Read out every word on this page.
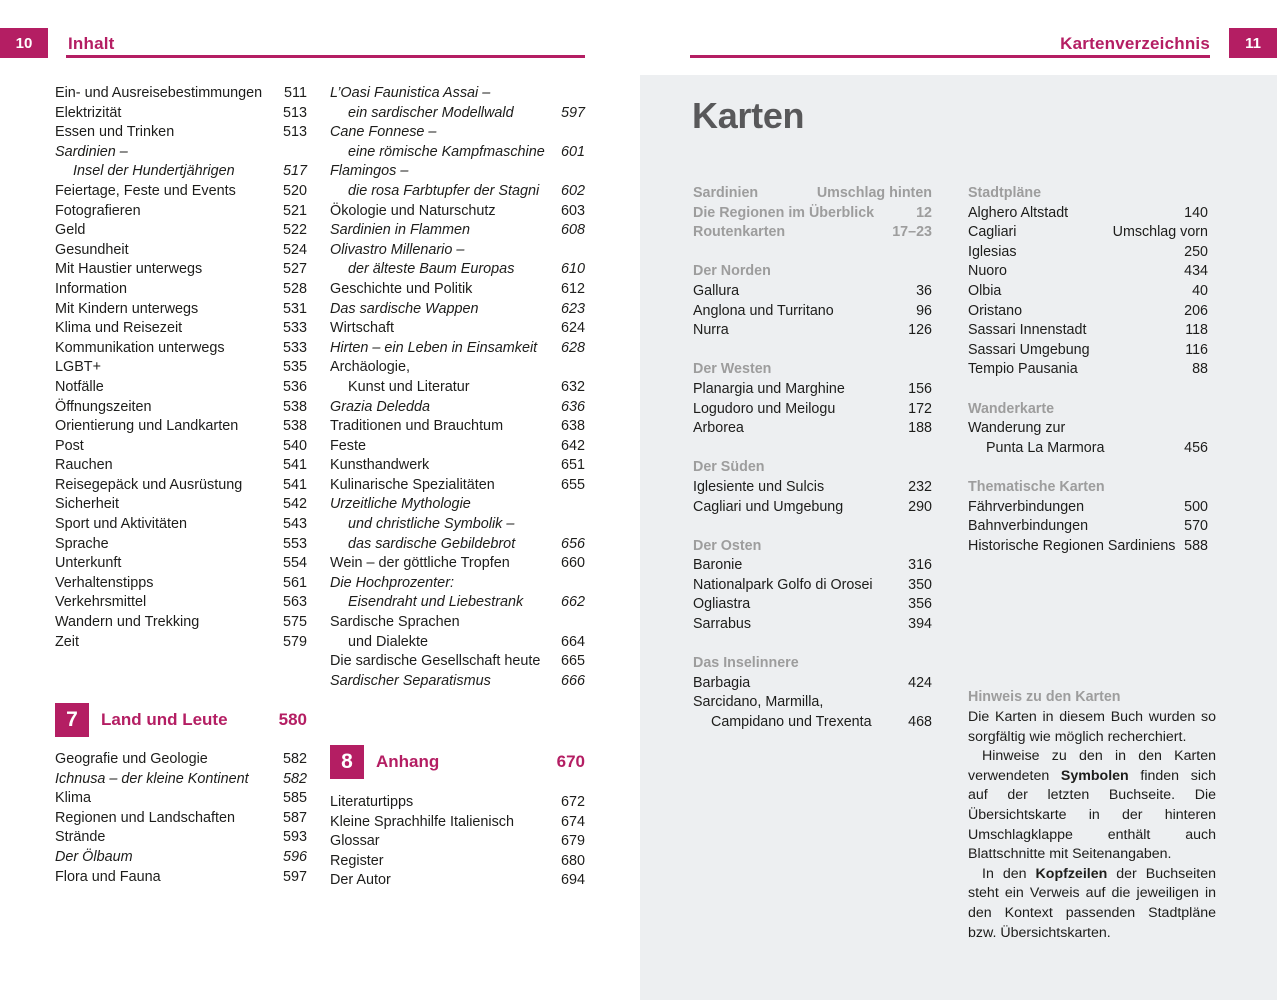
10	Inhalt	Kartenverzeichnis	11
Ein- und Ausreisebestimmungen 511
Elektrizität	513
Essen und Trinken	513
Sardinien –
Insel der Hundertjährigen	517
Feiertage, Feste und Events	520
Fotografieren	521
Geld	522
Gesundheit	524
Mit Haustier unterwegs	527
Information	528
Mit Kindern unterwegs	531
Klima und Reisezeit	533
Kommunikation unterwegs	533
LGBT+	535
Notfälle	536
Öffnungszeiten	538
Orientierung und Landkarten	538
Post	540
Rauchen	541
Reisegepäck und Ausrüstung	541
Sicherheit	542
Sport und Aktivitäten	543
Sprache	553
Unterkunft	554
Verhaltenstipps	561
Verkehrsmittel	563
Wandern und Trekking	575
Zeit	579
7	Land und Leute	580
Geografie und Geologie	582
Ichnusa – der kleine Kontinent 582
Klima	585
Regionen und Landschaften	587
Strände	593
Der Ölbaum	596
Flora und Fauna	597
L’Oasi Faunistica Assai –
ein sardischer Modellwald	597
Cane Fonnese –
eine römische Kampfmaschine 601
Flamingos –
die rosa Farbtupfer der Stagni 602
Ökologie und Naturschutz	603
Sardinien in Flammen	608
Olivastro Millenario –
der älteste Baum Europas	610
Geschichte und Politik	612
Das sardische Wappen	623
Wirtschaft	624
Hirten – ein Leben in Einsamkeit 628
Archäologie,
Kunst und Literatur	632
Grazia Deledda	636
Traditionen und Brauchtum	638
Feste	642
Kunsthandwerk	651
Kulinarische Spezialitäten	655
Urzeitliche Mythologie
und christliche Symbolik –
das sardische Gebildebrot	656
Wein – der göttliche Tropfen	660
Die Hochprozenter:
Eisendraht und Liebestrank	662
Sardische Sprachen
und Dialekte	664
Die sardische Gesellschaft heute 665
Sardischer Separatismus	666
8	Anhang	670
Literaturtipps	672
Kleine Sprachhilfe Italienisch	674
Glossar	679
Register	680
Der Autor	694
Karten
Sardinien	Umschlag hinten
Die Regionen im Überblick	12
Routenkarten	17–23
Der Norden
Gallura	36
Anglona und Turritano	96
Nurra	126
Der Westen
Planargia und Marghine	156
Logudoro und Meilogu	172
Arborea	188
Der Süden
Iglesiente und Sulcis	232
Cagliari und Umgebung	290
Der Osten
Baronie	316
Nationalpark Golfo di Orosei 350
Ogliastra	356
Sarrabus	394
Das Inselinnere
Barbagia	424
Sarcidano, Marmilla,
Campidano und Trexenta	468
Stadtpläne
Alghero Altstadt	140
Cagliari	Umschlag vorn
Iglesias	250
Nuoro	434
Olbia	40
Oristano	206
Sassari Innenstadt	118
Sassari Umgebung	116
Tempio Pausania	88
Wanderkarte
Wanderung zur
Punta La Marmora	456
Thematische Karten
Fährverbindungen	500
Bahnverbindungen	570
Historische Regionen Sardiniens 588
Hinweis zu den Karten

Die Karten in diesem Buch wurden so sorgfältig wie möglich recherchiert.

Hinweise zu den in den Karten verwendeten Symbolen finden sich auf der letzten Buchseite. Die Übersichtskarte in der hinteren Umschlagklappe enthält auch Blattschnitte mit Seitenangaben.

In den Kopfzeilen der Buchseiten steht ein Verweis auf die jeweiligen in den Kontext passenden Stadtpläne bzw. Übersichtskarten.
